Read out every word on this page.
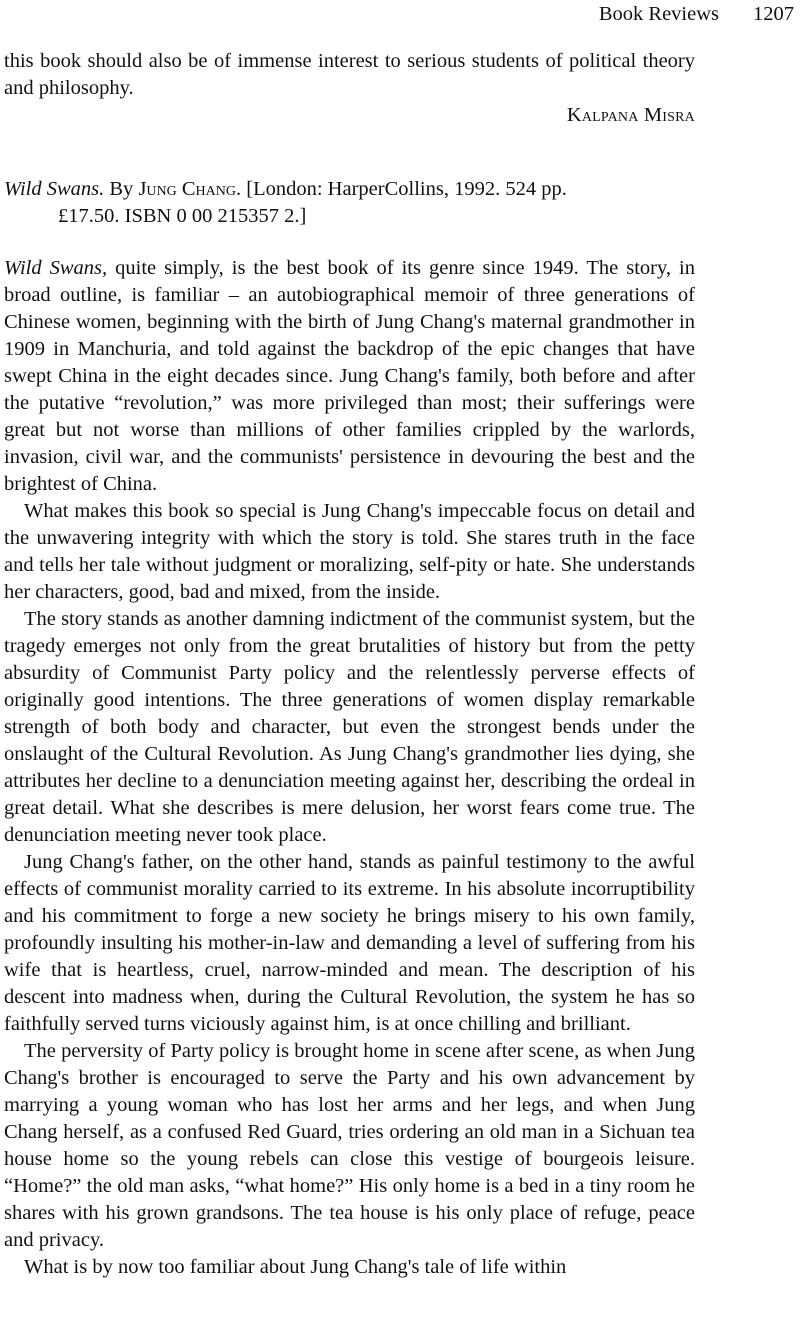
Book Reviews 1207
this book should also be of immense interest to serious students of political theory and philosophy.
Kalpana Misra
Wild Swans. By Jung Chang. [London: HarperCollins, 1992. 524 pp.
£17.50. ISBN 0 00 215357 2.]

Wild Swans, quite simply, is the best book of its genre since 1949. The story, in broad outline, is familiar – an autobiographical memoir of three generations of Chinese women, beginning with the birth of Jung Chang's maternal grandmother in 1909 in Manchuria, and told against the backdrop of the epic changes that have swept China in the eight decades since. Jung Chang's family, both before and after the putative “revolution,” was more privileged than most; their sufferings were great but not worse than millions of other families crippled by the warlords, invasion, civil war, and the communists' persistence in devouring the best and the brightest of China.

What makes this book so special is Jung Chang's impeccable focus on detail and the unwavering integrity with which the story is told. She stares truth in the face and tells her tale without judgment or moralizing, self-pity or hate. She understands her characters, good, bad and mixed, from the inside.

The story stands as another damning indictment of the communist system, but the tragedy emerges not only from the great brutalities of history but from the petty absurdity of Communist Party policy and the relentlessly perverse effects of originally good intentions. The three generations of women display remarkable strength of both body and character, but even the strongest bends under the onslaught of the Cultural Revolution. As Jung Chang's grandmother lies dying, she attributes her decline to a denunciation meeting against her, describing the ordeal in great detail. What she describes is mere delusion, her worst fears come true. The denunciation meeting never took place.

Jung Chang's father, on the other hand, stands as painful testimony to the awful effects of communist morality carried to its extreme. In his absolute incorruptibility and his commitment to forge a new society he brings misery to his own family, profoundly insulting his mother-in-law and demanding a level of suffering from his wife that is heartless, cruel, narrow-minded and mean. The description of his descent into madness when, during the Cultural Revolution, the system he has so faithfully served turns viciously against him, is at once chilling and brilliant.

The perversity of Party policy is brought home in scene after scene, as when Jung Chang's brother is encouraged to serve the Party and his own advancement by marrying a young woman who has lost her arms and her legs, and when Jung Chang herself, as a confused Red Guard, tries ordering an old man in a Sichuan tea house home so the young rebels can close this vestige of bourgeois leisure. “Home?” the old man asks, “what home?” His only home is a bed in a tiny room he shares with his grown grandsons. The tea house is his only place of refuge, peace and privacy.

What is by now too familiar about Jung Chang's tale of life within
